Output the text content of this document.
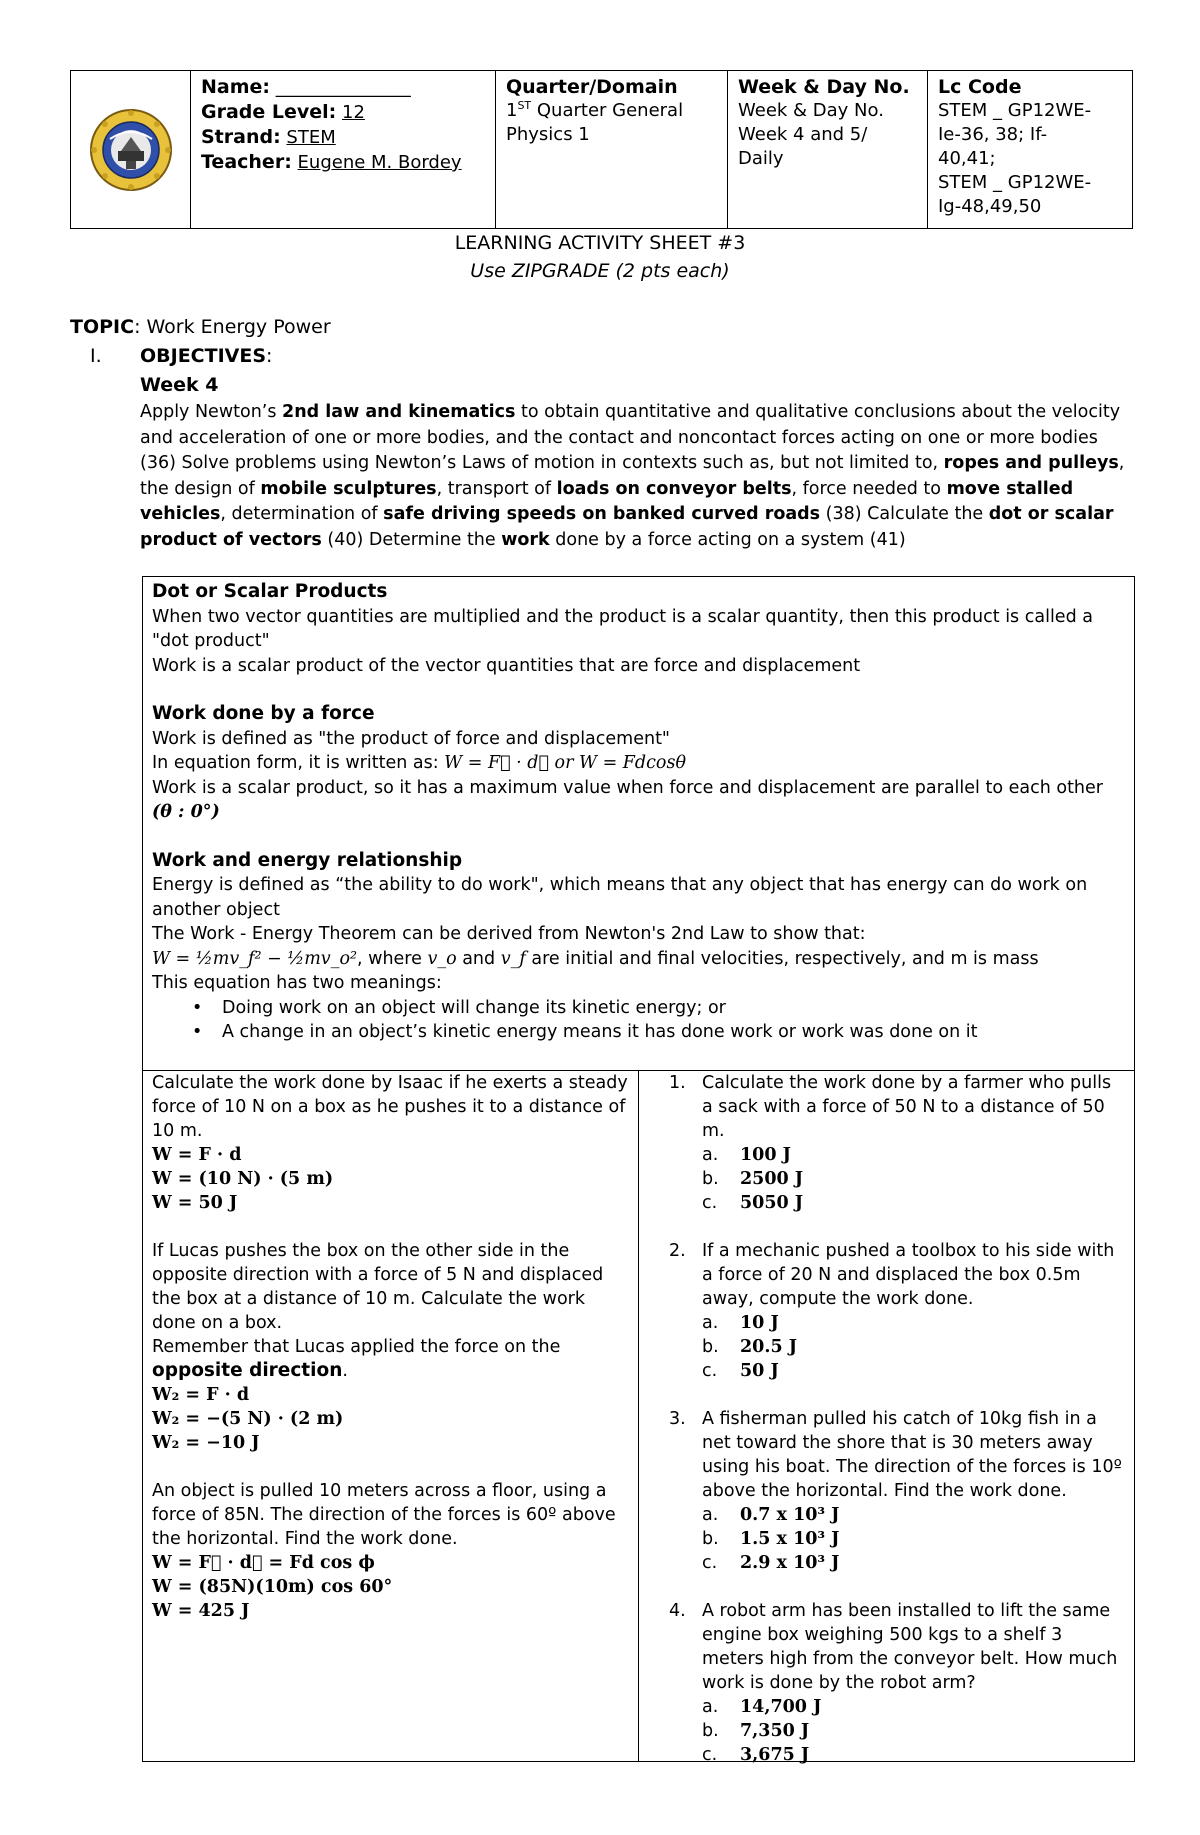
Name: _______________
Grade Level: 12
Strand: STEM
Teacher: Eugene M. Bordey
Quarter/Domain
1ST Quarter General
Physics 1
Week & Day No.
Week & Day No.
Week 4 and 5/
Daily
Lc Code
STEM _ GP12WE-
Ie-36, 38; If-
40,41;
STEM _ GP12WE-
Ig-48,49,50
LEARNING ACTIVITY SHEET #3
Use ZIPGRADE (2 pts each)
TOPIC: Work Energy Power
I. OBJECTIVES:
Week 4
Apply Newton’s 2nd law and kinematics to obtain quantitative and qualitative conclusions about the velocity and acceleration of one or more bodies, and the contact and noncontact forces acting on one or more bodies (36) Solve problems using Newton’s Laws of motion in contexts such as, but not limited to, ropes and pulleys, the design of mobile sculptures, transport of loads on conveyor belts, force needed to move stalled vehicles, determination of safe driving speeds on banked curved roads (38) Calculate the dot or scalar product of vectors (40) Determine the work done by a force acting on a system (41)
Dot or Scalar Products
When two vector quantities are multiplied and the product is a scalar quantity, then this product is called a "dot product"
Work is a scalar product of the vector quantities that are force and displacement
Work done by a force
Work is defined as "the product of force and displacement"
In equation form, it is written as: W = F⃗ · d⃗ or W = Fdcosθ
Work is a scalar product, so it has a maximum value when force and displacement are parallel to each other
(θ : 0°)
Work and energy relationship
Energy is defined as “the ability to do work", which means that any object that has energy can do work on another object
The Work - Energy Theorem can be derived from Newton's 2nd Law to show that:
W = ½mv_f² − ½mv_o², where v_o and v_f are initial and final velocities, respectively, and m is mass
This equation has two meanings:
• Doing work on an object will change its kinetic energy; or
• A change in an object’s kinetic energy means it has done work or work was done on it
Calculate the work done by Isaac if he exerts a steady force of 10 N on a box as he pushes it to a distance of 10 m.
W = F · d
W = (10 N) · (5 m)
W = 50 J
If Lucas pushes the box on the other side in the opposite direction with a force of 5 N and displaced the box at a distance of 10 m. Calculate the work done on a box.
Remember that Lucas applied the force on the opposite direction.
W₂ = F · d
W₂ = −(5 N) · (2 m)
W₂ = −10 J
An object is pulled 10 meters across a floor, using a force of 85N. The direction of the forces is 60º above the horizontal. Find the work done.
W = F⃗ · d⃗ = Fd cos ϕ
W = (85N)(10m) cos 60°
W = 425 J
1. Calculate the work done by a farmer who pulls a sack with a force of 50 N to a distance of 50 m.
a. 100 J
b. 2500 J
c. 5050 J
2. If a mechanic pushed a toolbox to his side with a force of 20 N and displaced the box 0.5m away, compute the work done.
a. 10 J
b. 20.5 J
c. 50 J
3. A fisherman pulled his catch of 10kg fish in a net toward the shore that is 30 meters away using his boat. The direction of the forces is 10º above the horizontal. Find the work done.
a. 0.7 x 10³ J
b. 1.5 x 10³ J
c. 2.9 x 10³ J
4. A robot arm has been installed to lift the same engine box weighing 500 kgs to a shelf 3 meters high from the conveyor belt. How much work is done by the robot arm?
a. 14,700 J
b. 7,350 J
c. 3,675 J
